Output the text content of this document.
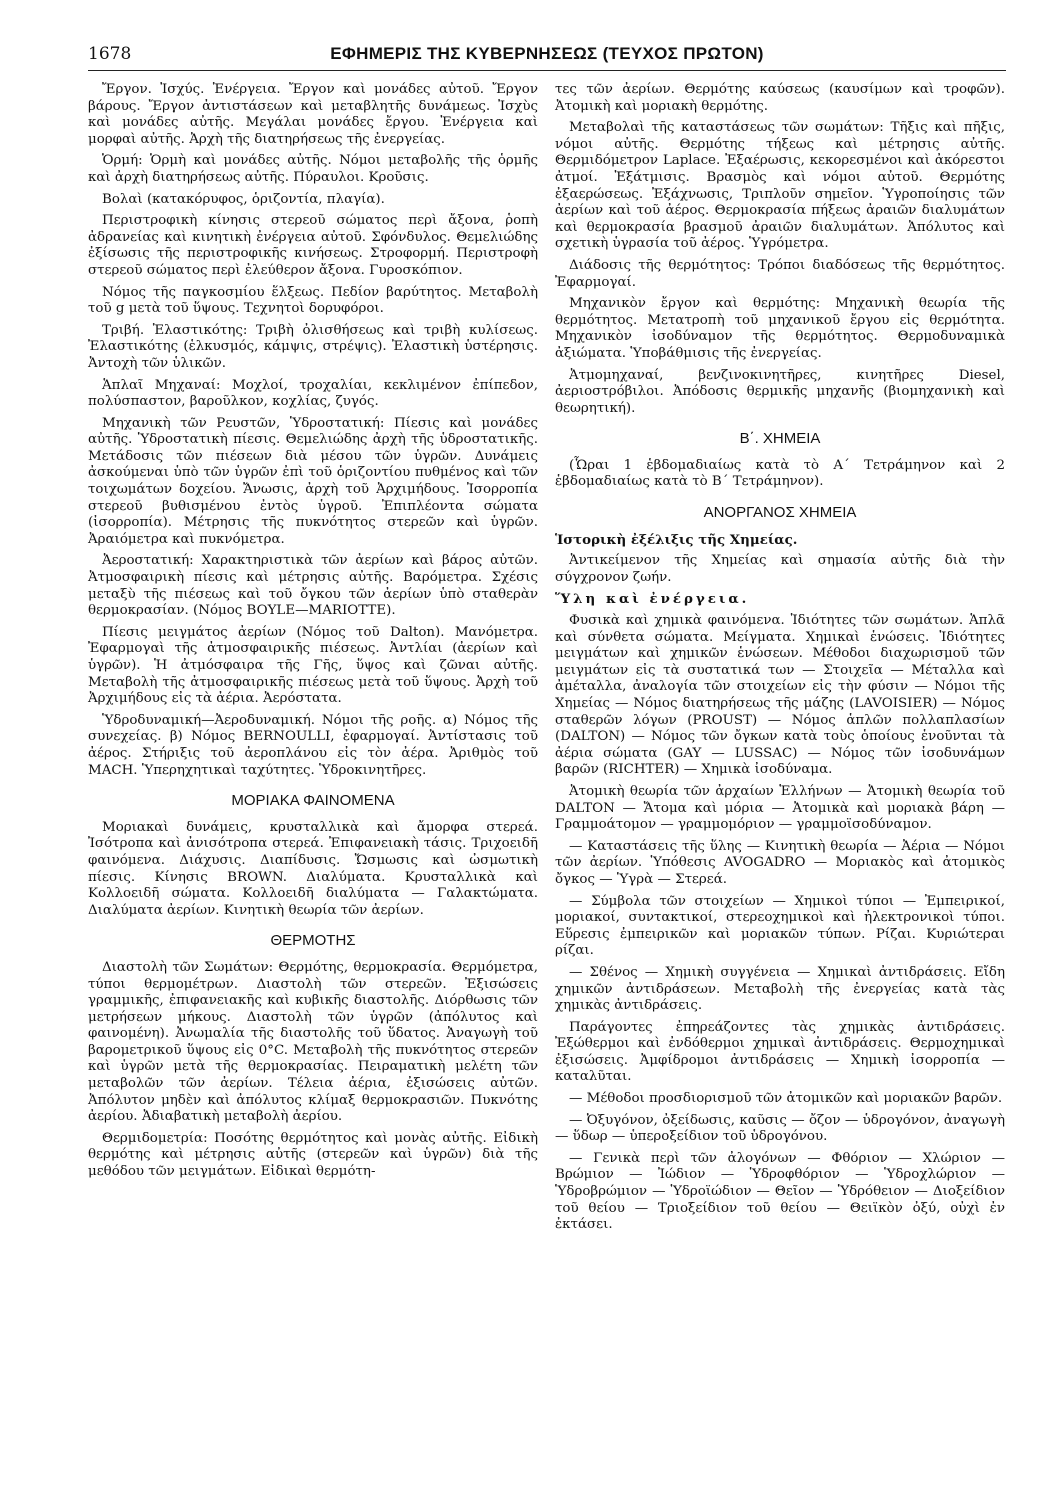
1678	ΕΦΗΜΕΡΙΣ ΤΗΣ ΚΥΒΕΡΝΗΣΕΩΣ (ΤΕΥΧΟΣ ΠΡΩΤΟΝ)

Ἔργον. Ἰσχύς. Ἐνέργεια. Ἔργον καὶ μονάδες αὐτοῦ. Ἔργον βάρους. Ἔργον ἀντιστάσεων καὶ μεταβλητῆς δυνάμεως. Ἰσχὺς καὶ μονάδες αὐτῆς. Μεγάλαι μονάδες ἔργου. Ἐνέργεια καὶ μορφαὶ αὐτῆς. Ἀρχὴ τῆς διατηρήσεως τῆς ἐνεργείας.

Ὁρμή: Ὁρμὴ καὶ μονάδες αὐτῆς. Νόμοι μεταβολῆς τῆς ὁρμῆς καὶ ἀρχὴ διατηρήσεως αὐτῆς. Πύραυλοι. Κροῦσις.

Βολαὶ (κατακόρυφος, ὁριζοντία, πλαγία).

Περιστροφικὴ κίνησις στερεοῦ σώματος περὶ ἄξονα, ῥοπὴ ἀδρανείας καὶ κινητικὴ ἐνέργεια αὐτοῦ. Σφόνδυλος. Θεμελιώδης ἐξίσωσις τῆς περιστροφικῆς κινήσεως. Στροφορμή. Περιστροφὴ στερεοῦ σώματος περὶ ἐλεύθερον ἄξονα. Γυροσκόπιον.

Νόμος τῆς παγκοσμίου ἕλξεως. Πεδίον βαρύτητος. Μεταβολὴ τοῦ g μετὰ τοῦ ὕψους. Τεχνητοὶ δορυφόροι.

Τριβή. Ἐλαστικότης: Τριβὴ ὀλισθήσεως καὶ τριβὴ κυλίσεως. Ἐλαστικότης (ἑλκυσμός, κάμψις, στρέψις). Ἐλαστικὴ ὑστέρησις. Ἀντοχὴ τῶν ὑλικῶν.

Ἁπλαῖ Μηχαναί: Μοχλοί, τροχαλίαι, κεκλιμένον ἐπίπεδον, πολύσπαστον, βαροῦλκον, κοχλίας, ζυγός.

Μηχανικὴ τῶν Ρευστῶν, Ὑδροστατική: Πίεσις καὶ μονάδες αὐτῆς. Ὑδροστατικὴ πίεσις. Θεμελιώδης ἀρχὴ τῆς ὑδροστατικῆς. Μετάδοσις τῶν πιέσεων διὰ μέσου τῶν ὑγρῶν. Δυνάμεις ἀσκούμεναι ὑπὸ τῶν ὑγρῶν ἐπὶ τοῦ ὁριζοντίου πυθμένος καὶ τῶν τοιχωμάτων δοχείου. Ἄνωσις, ἀρχὴ τοῦ Ἀρχιμήδους. Ἰσορροπία στερεοῦ βυθισμένου ἐντὸς ὑγροῦ. Ἐπιπλέοντα σώματα (ἰσορροπία). Μέτρησις τῆς πυκνότητος στερεῶν καὶ ὑγρῶν. Ἀραιόμετρα καὶ πυκνόμετρα.

Ἀεροστατική: Χαρακτηριστικὰ τῶν ἀερίων καὶ βάρος αὐτῶν. Ἀτμοσφαιρικὴ πίεσις καὶ μέτρησις αὐτῆς. Βαρόμετρα. Σχέσις μεταξὺ τῆς πιέσεως καὶ τοῦ ὄγκου τῶν ἀερίων ὑπὸ σταθερὰν θερμοκρασίαν. (Νόμος BOYLE—MARIOTTE).

Πίεσις μειγμάτος ἀερίων (Νόμος τοῦ Dalton). Μανόμετρα. Ἐφαρμογαὶ τῆς ἀτμοσφαιρικῆς πιέσεως. Ἀντλίαι (ἀερίων καὶ ὑγρῶν). Ἡ ἀτμόσφαιρα τῆς Γῆς, ὕψος καὶ ζῶναι αὐτῆς. Μεταβολὴ τῆς ἀτμοσφαιρικῆς πιέσεως μετὰ τοῦ ὕψους. Ἀρχὴ τοῦ Ἀρχιμήδους εἰς τὰ ἀέρια. Ἀερόστατα.

Ὑδροδυναμική—Ἀεροδυναμική. Νόμοι τῆς ροῆς. α) Νόμος τῆς συνεχείας. β) Νόμος BERNOULLI, ἐφαρμογαί. Ἀντίστασις τοῦ ἀέρος. Στήριξις τοῦ ἀεροπλάνου εἰς τὸν ἀέρα. Ἀριθμὸς τοῦ MACH. Ὑπερηχητικαὶ ταχύτητες. Ὑδροκινητῆρες.

ΜΟΡΙΑΚΑ ΦΑΙΝΟΜΕΝΑ

Μοριακαὶ δυνάμεις, κρυσταλλικὰ καὶ ἄμορφα στερεά. Ἰσότροπα καὶ ἀνισότροπα στερεά. Ἐπιφανειακὴ τάσις. Τριχοειδῆ φαινόμενα. Διάχυσις. Διαπίδυσις. Ὤσμωσις καὶ ὠσμωτικὴ πίεσις. Κίνησις BROWN. Διαλύματα. Κρυσταλλικὰ καὶ Κολλοειδῆ σώματα. Κολλοειδῆ διαλύματα — Γαλακτώματα. Διαλύματα ἀερίων. Κινητικὴ θεωρία τῶν ἀερίων.

ΘΕΡΜΟΤΗΣ

Διαστολὴ τῶν Σωμάτων: Θερμότης, θερμοκρασία. Θερμόμετρα, τύποι θερμομέτρων. Διαστολὴ τῶν στερεῶν. Ἐξισώσεις γραμμικῆς, ἐπιφανειακῆς καὶ κυβικῆς διαστολῆς. Διόρθωσις τῶν μετρήσεων μήκους. Διαστολὴ τῶν ὑγρῶν (ἀπόλυτος καὶ φαινομένη). Ἀνωμαλία τῆς διαστολῆς τοῦ ὕδατος. Ἀναγωγὴ τοῦ βαρομετρικοῦ ὕψους εἰς 0°C. Μεταβολὴ τῆς πυκνότητος στερεῶν καὶ ὑγρῶν μετὰ τῆς θερμοκρασίας. Πειραματικὴ μελέτη τῶν μεταβολῶν τῶν ἀερίων. Τέλεια ἀέρια, ἐξισώσεις αὐτῶν. Ἀπόλυτον μηδὲν καὶ ἀπόλυτος κλίμαξ θερμοκρασιῶν. Πυκνότης ἀερίου. Ἀδιαβατικὴ μεταβολὴ ἀερίου.

Θερμιδομετρία: Ποσότης θερμότητος καὶ μονὰς αὐτῆς. Εἰδικὴ θερμότης καὶ μέτρησις αὐτῆς (στερεῶν καὶ ὑγρῶν) διὰ τῆς μεθόδου τῶν μειγμάτων. Εἰδικαὶ θερμότη-

τες τῶν ἀερίων. Θερμότης καύσεως (καυσίμων καὶ τροφῶν). Ἀτομικὴ καὶ μοριακὴ θερμότης.

Μεταβολαὶ τῆς καταστάσεως τῶν σωμάτων: Τῆξις καὶ πῆξις, νόμοι αὐτῆς. Θερμότης τήξεως καὶ μέτρησις αὐτῆς. Θερμιδόμετρον Laplace. Ἐξαέρωσις, κεκορεσμένοι καὶ ἀκόρεστοι ἀτμοί. Ἐξάτμισις. Βρασμὸς καὶ νόμοι αὐτοῦ. Θερμότης ἐξαερώσεως. Ἐξάχνωσις, Τριπλοῦν σημεῖον. Ὑγροποίησις τῶν ἀερίων καὶ τοῦ ἀέρος. Θερμοκρασία πήξεως ἀραιῶν διαλυμάτων καὶ θερμοκρασία βρασμοῦ ἀραιῶν διαλυμάτων. Ἀπόλυτος καὶ σχετικὴ ὑγρασία τοῦ ἀέρος. Ὑγρόμετρα.

Διάδοσις τῆς θερμότητος: Τρόποι διαδόσεως τῆς θερμότητος. Ἐφαρμογαί.

Μηχανικὸν ἔργον καὶ θερμότης: Μηχανικὴ θεωρία τῆς θερμότητος. Μετατροπὴ τοῦ μηχανικοῦ ἔργου εἰς θερμότητα. Μηχανικὸν ἰσοδύναμον τῆς θερμότητος. Θερμοδυναμικὰ ἀξιώματα. Ὑποβάθμισις τῆς ἐνεργείας.

Ἀτμομηχαναί, βενζινοκινητῆρες, κινητῆρες Diesel, ἀεριοστρόβιλοι. Ἀπόδοσις θερμικῆς μηχανῆς (βιομηχανικὴ καὶ θεωρητική).

Β΄. ΧΗΜΕΙΑ

(Ὧραι 1 ἑβδομαδιαίως κατὰ τὸ Α΄ Τετράμηνον καὶ 2 ἑβδομαδιαίως κατὰ τὸ Β΄ Τετράμηνον).

ΑΝΟΡΓΑΝΟΣ ΧΗΜΕΙΑ

Ἱστορικὴ ἐξέλιξις τῆς Χημείας.

Ἀντικείμενον τῆς Χημείας καὶ σημασία αὐτῆς διὰ τὴν σύγχρονον ζωήν.

Ὕλη καὶ ἐνέργεια.

Φυσικὰ καὶ χημικὰ φαινόμενα. Ἰδιότητες τῶν σωμάτων. Ἁπλᾶ καὶ σύνθετα σώματα. Μείγματα. Χημικαὶ ἑνώσεις. Ἰδιότητες μειγμάτων καὶ χημικῶν ἑνώσεων. Μέθοδοι διαχωρισμοῦ τῶν μειγμάτων εἰς τὰ συστατικά των — Στοιχεῖα — Μέταλλα καὶ ἀμέταλλα, ἀναλογία τῶν στοιχείων εἰς τὴν φύσιν — Νόμοι τῆς Χημείας — Νόμος διατηρήσεως τῆς μάζης (LAVOISIER) — Νόμος σταθερῶν λόγων (PROUST) — Νόμος ἁπλῶν πολλαπλασίων (DALTON) — Νόμος τῶν ὄγκων κατὰ τοὺς ὁποίους ἑνοῦνται τὰ ἀέρια σώματα (GAY — LUSSAC) — Νόμος τῶν ἰσοδυνάμων βαρῶν (RICHTER) — Χημικὰ ἰσοδύναμα.

Ἀτομικὴ θεωρία τῶν ἀρχαίων Ἑλλήνων — Ἀτομικὴ θεωρία τοῦ DALTON — Ἄτομα καὶ μόρια — Ἀτομικὰ καὶ μοριακὰ βάρη — Γραμμοάτομον — γραμμομόριον — γραμμοϊσοδύναμον.

— Καταστάσεις τῆς ὕλης — Κινητικὴ θεωρία — Ἀέρια — Νόμοι τῶν ἀερίων. Ὑπόθεσις AVOGADRO — Μοριακὸς καὶ ἀτομικὸς ὄγκος — Ὑγρὰ — Στερεά.

— Σύμβολα τῶν στοιχείων — Χημικοὶ τύποι — Ἐμπειρικοί, μοριακοί, συντακτικοί, στερεοχημικοὶ καὶ ἠλεκτρονικοὶ τύποι. Εὕρεσις ἐμπειρικῶν καὶ μοριακῶν τύπων. Ρίζαι. Κυριώτεραι ρίζαι.

— Σθένος — Χημικὴ συγγένεια — Χημικαὶ ἀντιδράσεις. Εἴδη χημικῶν ἀντιδράσεων. Μεταβολὴ τῆς ἐνεργείας κατὰ τὰς χημικὰς ἀντιδράσεις.

Παράγοντες ἐπηρεάζοντες τὰς χημικὰς ἀντιδράσεις. Ἐξώθερμοι καὶ ἐνδόθερμοι χημικαὶ ἀντιδράσεις. Θερμοχημικαὶ ἐξισώσεις. Ἀμφίδρομοι ἀντιδράσεις — Χημικὴ ἰσορροπία — καταλῦται.

— Μέθοδοι προσδιορισμοῦ τῶν ἀτομικῶν καὶ μοριακῶν βαρῶν.

— Ὀξυγόνον, ὀξείδωσις, καῦσις — ὄζον — ὑδρογόνον, ἀναγωγὴ — ὕδωρ — ὑπεροξείδιον τοῦ ὑδρογόνου.

— Γενικὰ περὶ τῶν ἀλογόνων — Φθόριον — Χλώριον — Βρώμιον — Ἰώδιον — Ὑδροφθόριον — Ὑδροχλώριον — Ὑδροβρώμιον — Ὑδροϊώδιον — Θεῖον — Ὑδρόθειον — Διοξείδιον τοῦ θείου — Τριοξείδιον τοῦ θείου — Θειϊκὸν ὀξύ, οὐχὶ ἐν ἐκτάσει.
